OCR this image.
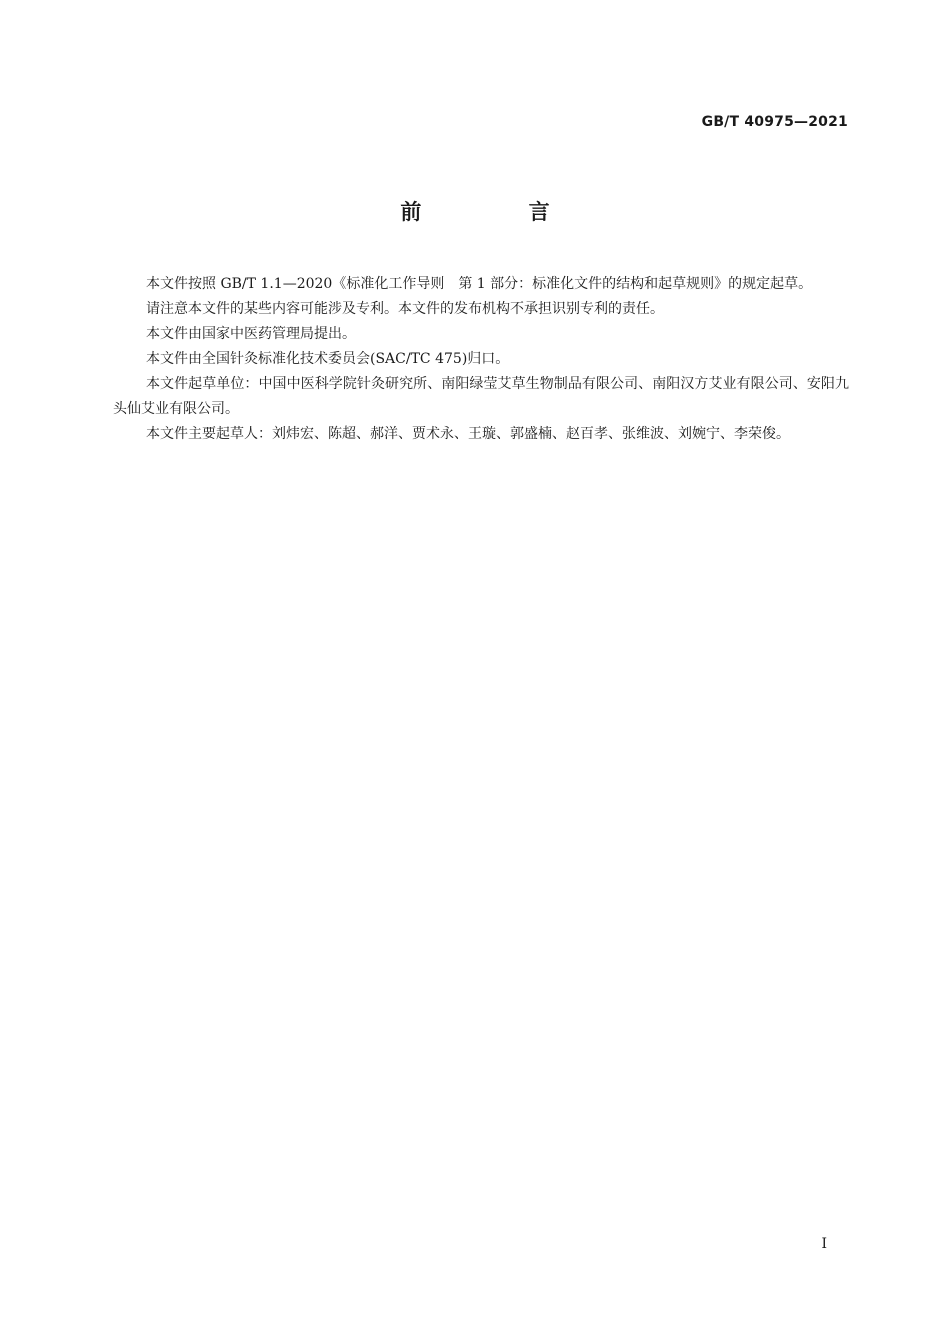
GB/T 40975—2021
前 言

本文件按照 GB/T 1.1—2020《标准化工作导则　第 1 部分：标准化文件的结构和起草规则》的规定起草。

请注意本文件的某些内容可能涉及专利。本文件的发布机构不承担识别专利的责任。

本文件由国家中医药管理局提出。

本文件由全国针灸标准化技术委员会(SAC/TC 475)归口。

本文件起草单位：中国中医科学院针灸研究所、南阳绿莹艾草生物制品有限公司、南阳汉方艾业有限公司、安阳九头仙艾业有限公司。

本文件主要起草人：刘炜宏、陈超、郝洋、贾术永、王璇、郭盛楠、赵百孝、张维波、刘婉宁、李荣俊。

I
